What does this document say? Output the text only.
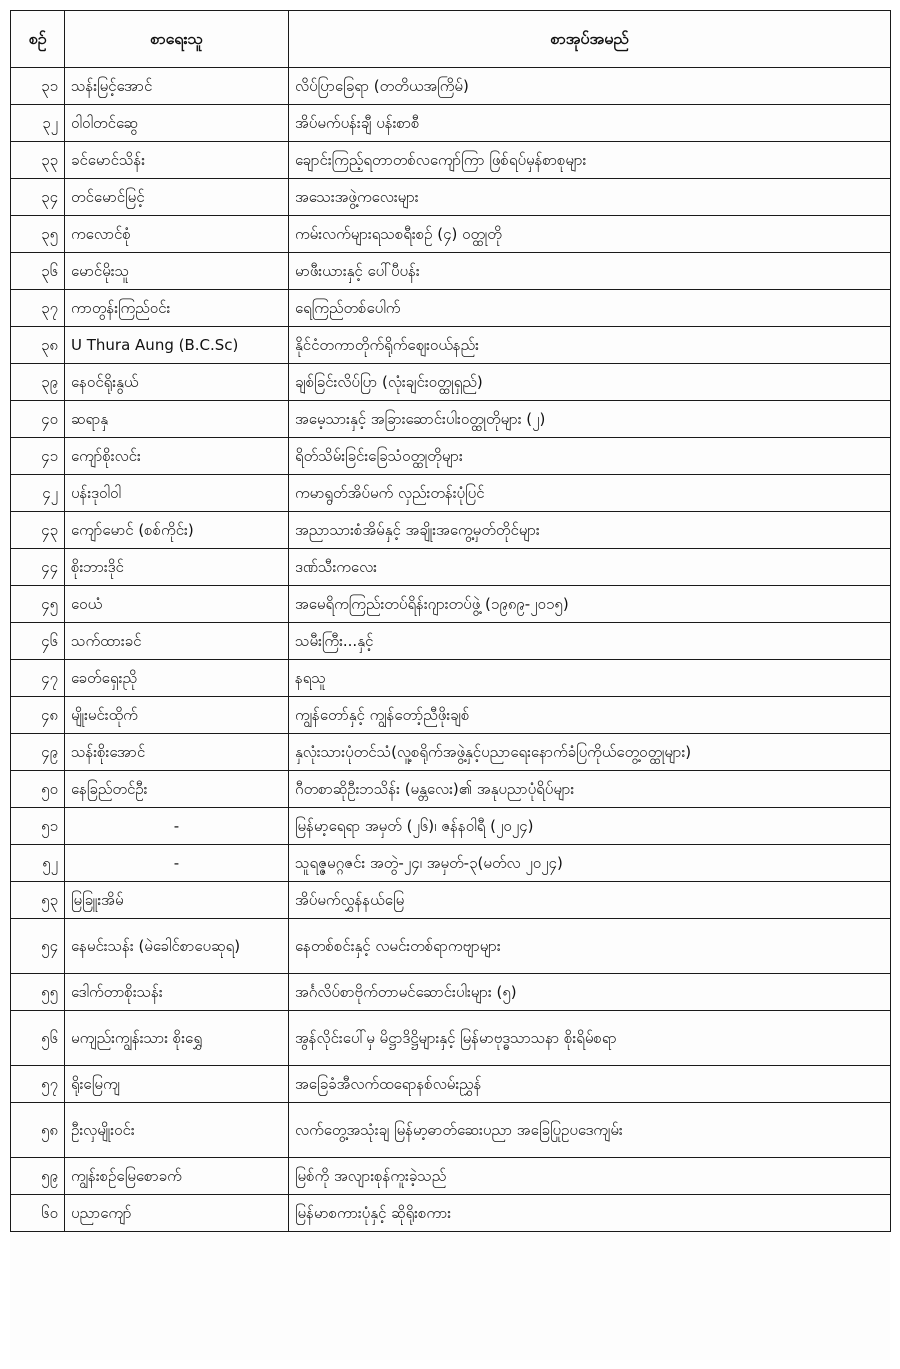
စဉ်	စာရေးသူ	စာအုပ်အမည်
၃၁	သန်းမြင့်အောင်	လိပ်ပြာခြေရာ (တတိယအကြိမ်)
၃၂	ဝါဝါတင်ဆွေ	အိပ်မက်ပန်းချီ ပန်းစာစီ
၃၃	ခင်မောင်သိန်း	ချောင်းကြည့်ရတာတစ်လကျော်ကြာ ဖြစ်ရပ်မှန်စာစုများ
၃၄	တင်မောင်မြင့်	အသေးအဖွဲ့ကလေးများ
၃၅	ကလောင်စုံ	ကမ်းလက်များရသစရီးစဉ် (၄) ဝတ္ထုတို
၃၆	မောင်မိုးသူ	မာဖီးယားနှင့် ပေါ်ပီပန်း
၃၇	ကာတွန်းကြည်ဝင်း	ရေကြည်တစ်ပေါက်
၃၈	U Thura Aung (B.C.Sc)	နိုင်ငံတကာတိုက်ရိုက်ဈေးဝယ်နည်း
၃၉	နေဝင်ရိုးနွယ်	ချစ်ခြင်းလိပ်ပြာ (လုံးချင်းဝတ္ထုရှည်)
၄၀	ဆရာနှ	အမေ့သားနှင့် အခြားဆောင်းပါးဝတ္ထုတိုများ (၂)
၄၁	ကျော်စိုးလင်း	ရိတ်သိမ်းခြင်းခြေသံဝတ္ထုတိုများ
၄၂	ပန်းဒုဝါဝါ	ကမာရွတ်အိပ်မက် လှည်းတန်းပုံပြင်
၄၃	ကျော်မောင် (စစ်ကိုင်း)	အညာသားစံအိမ်နှင့် အချိုးအကွေ့မှတ်တိုင်များ
၄၄	စိုးဘားဒိုင်	ဒဏ်သီးကလေး
၄၅	ဝေယံ	အမေရိကကြည်းတပ်ရိန်းဂျားတပ်ဖွဲ့ (၁၉၈၉-၂၀၁၅)
၄၆	သက်ထားခင်	သမီးကြီး...နှင့်
၄၇	ခေတ်ရှေးညို	နရသူ
၄၈	မျိုးမင်းထိုက်	ကျွန်တော်နှင့် ကျွန်တော့်ညီဖိုးချစ်
၄၉	သန်းစိုးအောင်	နှလုံးသားပုံတင်သံ(လူ့စရိုက်အဖွဲ့နှင့်ပညာရေးနောက်ခံပြကိုယ်တွေ့ဝတ္ထုများ)
၅၀	နေခြည်တင်ဦး	ဂီတစာဆိုဦးဘသိန်း (မန္တလေး)၏ အနုပညာပုံရိပ်များ
၅၁	-	မြန်မာ့ရေရာ အမှတ် (၂၆)၊ ဇန်နဝါရီ (၂၀၂၄)
၅၂	-	သူရဇ္ဇမဂ္ဂဇင်း အတွဲ-၂၄၊ အမှတ်-၃(မတ်လ ၂၀၂၄)
၅၃	မြခြူးအိမ်	အိပ်မက်လွှန်နယ်မြေ
၅၄	နေမင်းသန်း (မဲခေါင်စာပေဆုရ)	နေတစ်စင်းနှင့် လမင်းတစ်ရာကဗျာများ
၅၅	ဒေါက်တာစိုးသန်း	အင်္ဂလိပ်စာဗိုက်တာမင်ဆောင်းပါးများ (၅)
၅၆	မကျည်းကျွန်းသား စိုးရွှေ	အွန်လိုင်းပေါ်မှ မိဋ္ဌာဒိဋ္ဌိများနှင့် မြန်မာဗုဒ္ဓသာသနာ စိုးရိမ်စရာ
၅၇	ရိုးမြေကျ	အခြေခံအီလက်ထရောနစ်လမ်းညွှန်
၅၈	ဦးလှမျိုးဝင်း	လက်တွေ့အသုံးချ မြန်မာ့ဓာတ်ဆေးပညာ အခြေပြုဥပဒေကျမ်း
၅၉	ကျွန်းစဉ်မြေစောခက်	မြစ်ကို အလျားစုန်ကူးခဲ့သည်
၆၀	ပညာကျော်	မြန်မာစကားပုံနှင့် ဆိုရိုးစကား
